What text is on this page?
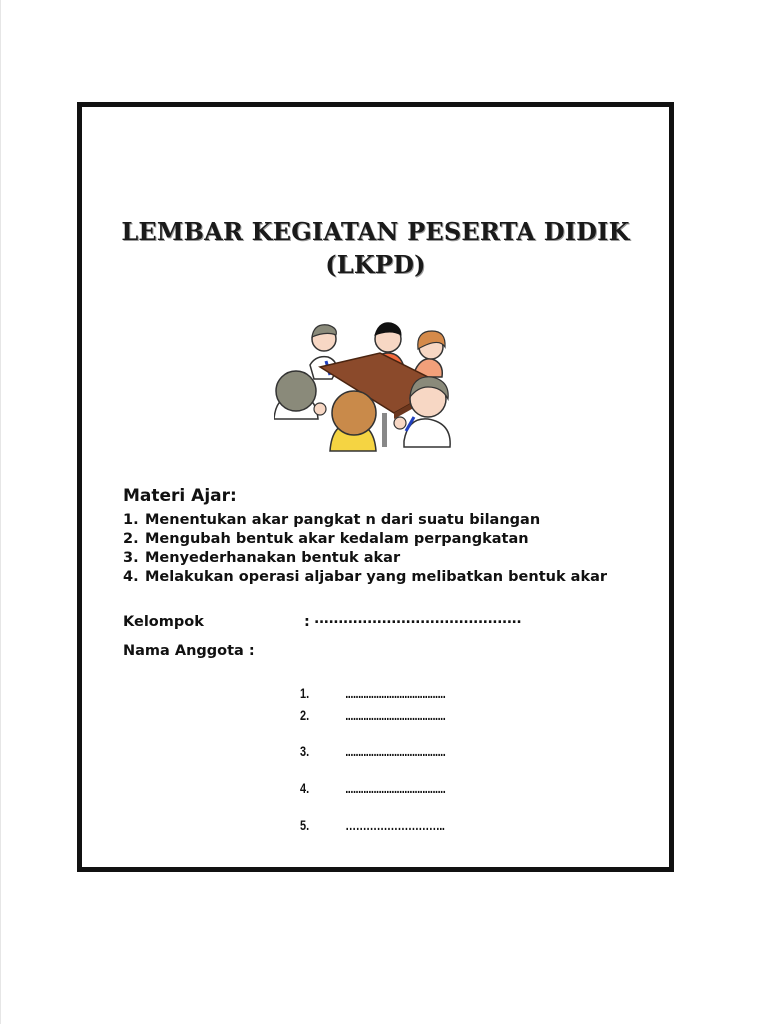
LEMBAR KEGIATAN PESERTA DIDIK
(LKPD)
Materi Ajar:
1. Menentukan akar pangkat n dari suatu bilangan
2. Mengubah bentuk akar kedalam perpangkatan
3. Menyederhanakan bentuk akar
4. Melakukan operasi aljabar yang melibatkan bentuk akar
Kelompok	: ...........................................
Nama Anggota :
1.	.......................................
2.	.......................................
3.	.......................................
4.	.......................................
5.	………………………..
